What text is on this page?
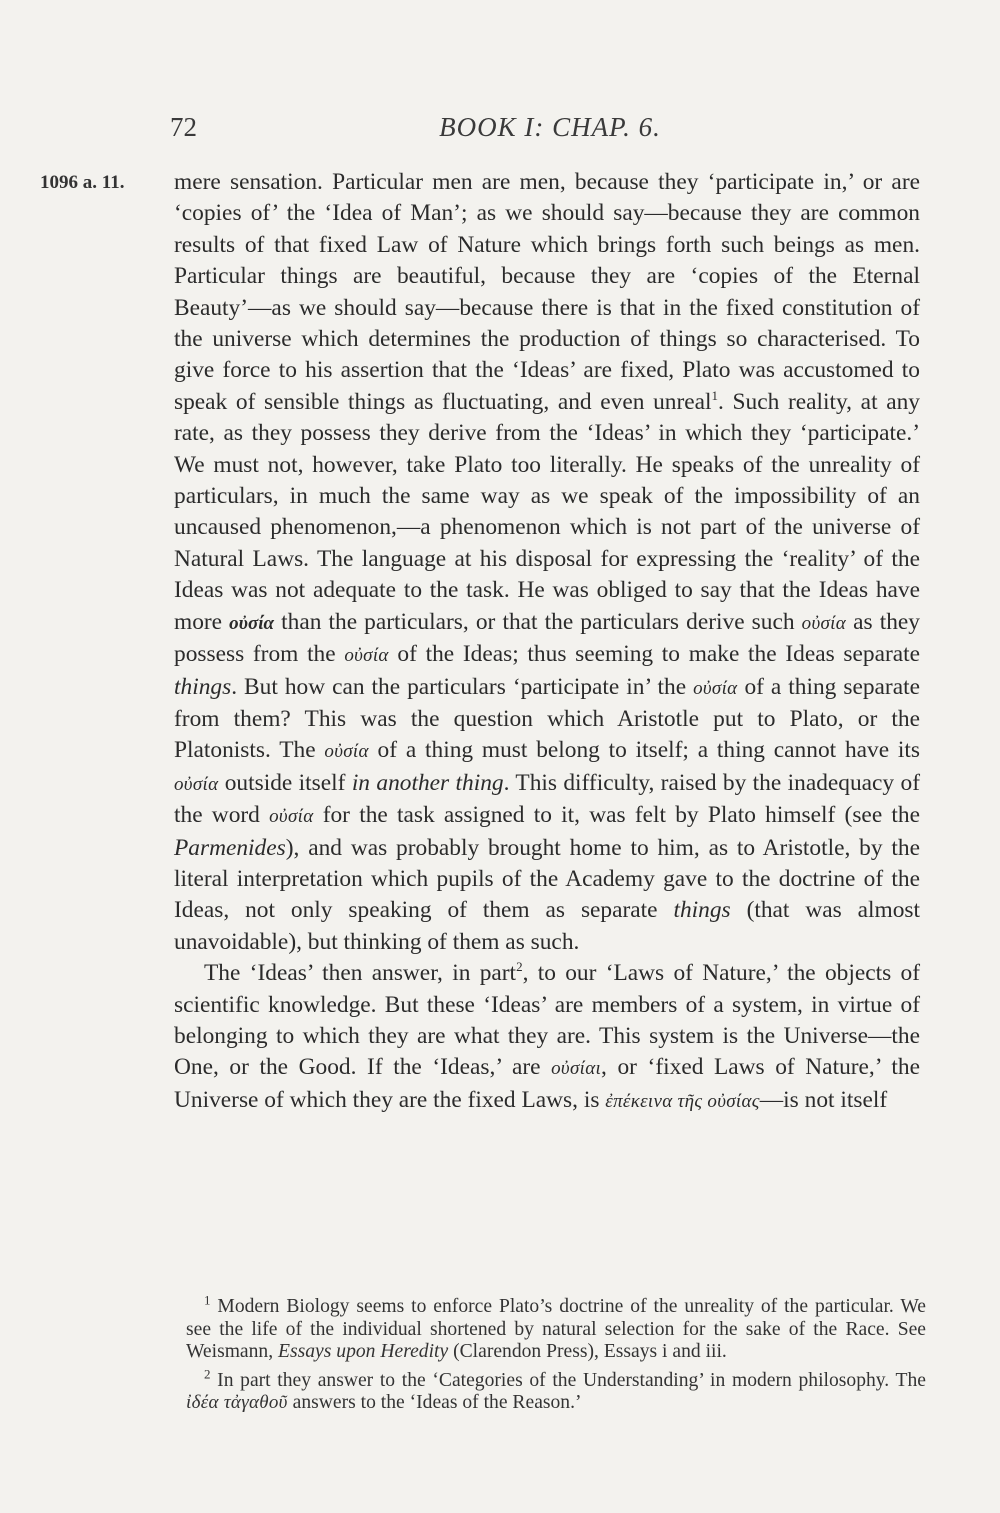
72	BOOK I: CHAP. 6.
1096 a. 11. mere sensation. Particular men are men, because they ‘participate in,’ or are ‘copies of’ the ‘Idea of Man’; as we should say—because they are common results of that fixed Law of Nature which brings forth such beings as men. Particular things are beautiful, because they are ‘copies of the Eternal Beauty’—as we should say—because there is that in the fixed constitution of the universe which determines the production of things so characterised. To give force to his assertion that the ‘Ideas’ are fixed, Plato was accustomed to speak of sensible things as fluctuating, and even unreal$^1$. Such reality, at any rate, as they possess they derive from the ‘Ideas’ in which they ‘participate.’ We must not, however, take Plato too literally. He speaks of the unreality of particulars, in much the same way as we speak of the impossibility of an uncaused phenomenon,—a phenomenon which is not part of the universe of Natural Laws. The language at his disposal for expressing the ‘reality’ of the Ideas was not adequate to the task. He was obliged to say that the Ideas have more οὐσία than the particulars, or that the particulars derive such οὐσία as they possess from the οὐσία of the Ideas; thus seeming to make the Ideas separate things. But how can the particulars ‘participate in’ the οὐσία of a thing separate from them? This was the question which Aristotle put to Plato, or the Platonists. The οὐσία of a thing must belong to itself; a thing cannot have its οὐσία outside itself in another thing. This difficulty, raised by the inadequacy of the word οὐσία for the task assigned to it, was felt by Plato himself (see the Parmenides), and was probably brought home to him, as to Aristotle, by the literal interpretation which pupils of the Academy gave to the doctrine of the Ideas, not only speaking of them as separate things (that was almost unavoidable), but thinking of them as such.

The ‘Ideas’ then answer, in part$^2$, to our ‘Laws of Nature,’ the objects of scientific knowledge. But these ‘Ideas’ are members of a system, in virtue of belonging to which they are what they are. This system is the Universe—the One, or the Good. If the ‘Ideas,’ are οὐσίαι, or ‘fixed Laws of Nature,’ the Universe of which they are the fixed Laws, is ἐπέκεινα τῆς οὐσίας—is not itself

$^1$ Modern Biology seems to enforce Plato’s doctrine of the unreality of the particular. We see the life of the individual shortened by natural selection for the sake of the Race. See Weismann, Essays upon Heredity (Clarendon Press), Essays i and iii.

$^2$ In part they answer to the ‘Categories of the Understanding’ in modern philosophy. The ἰδέα τἀγαθοῦ answers to the ‘Ideas of the Reason.’
